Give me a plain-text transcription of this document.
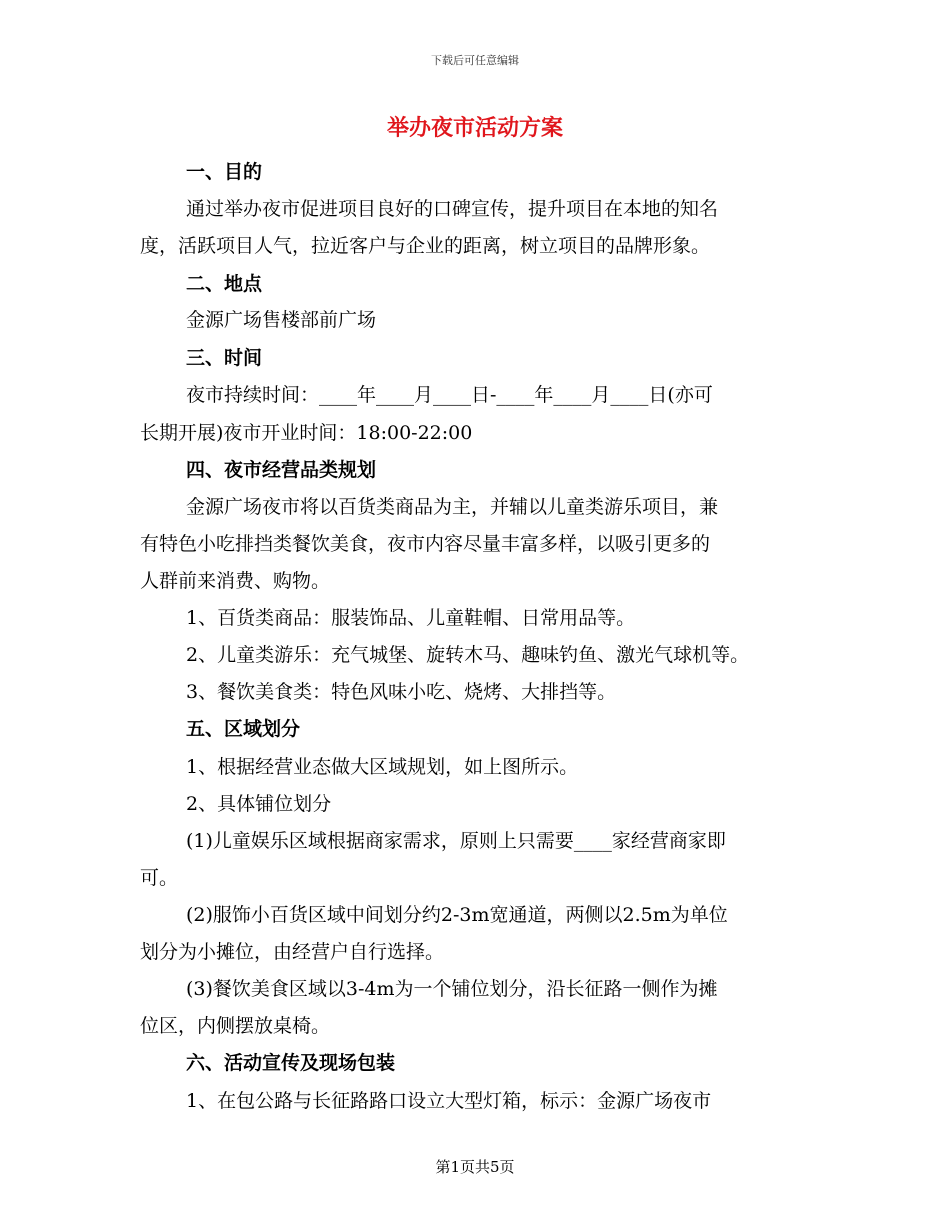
下载后可任意编辑
举办夜市活动方案
一、目的
通过举办夜市促进项目良好的口碑宣传，提升项目在本地的知名
度，活跃项目人气，拉近客户与企业的距离，树立项目的品牌形象。
二、地点
金源广场售楼部前广场
三、时间
夜市持续时间：____年____月____日-____年____月____日(亦可
长期开展)夜市开业时间：18:00-22:00
四、夜市经营品类规划
金源广场夜市将以百货类商品为主，并辅以儿童类游乐项目，兼
有特色小吃排挡类餐饮美食，夜市内容尽量丰富多样，以吸引更多的
人群前来消费、购物。
1、百货类商品：服装饰品、儿童鞋帽、日常用品等。
2、儿童类游乐：充气城堡、旋转木马、趣味钓鱼、激光气球机等。
3、餐饮美食类：特色风味小吃、烧烤、大排挡等。
五、区域划分
1、根据经营业态做大区域规划，如上图所示。
2、具体铺位划分
(1)儿童娱乐区域根据商家需求，原则上只需要____家经营商家即
可。
(2)服饰小百货区域中间划分约2-3m宽通道，两侧以2.5m为单位
划分为小摊位，由经营户自行选择。
(3)餐饮美食区域以3-4m为一个铺位划分，沿长征路一侧作为摊
位区，内侧摆放桌椅。
六、活动宣传及现场包装
1、在包公路与长征路路口设立大型灯箱，标示：金源广场夜市
第1页共5页
